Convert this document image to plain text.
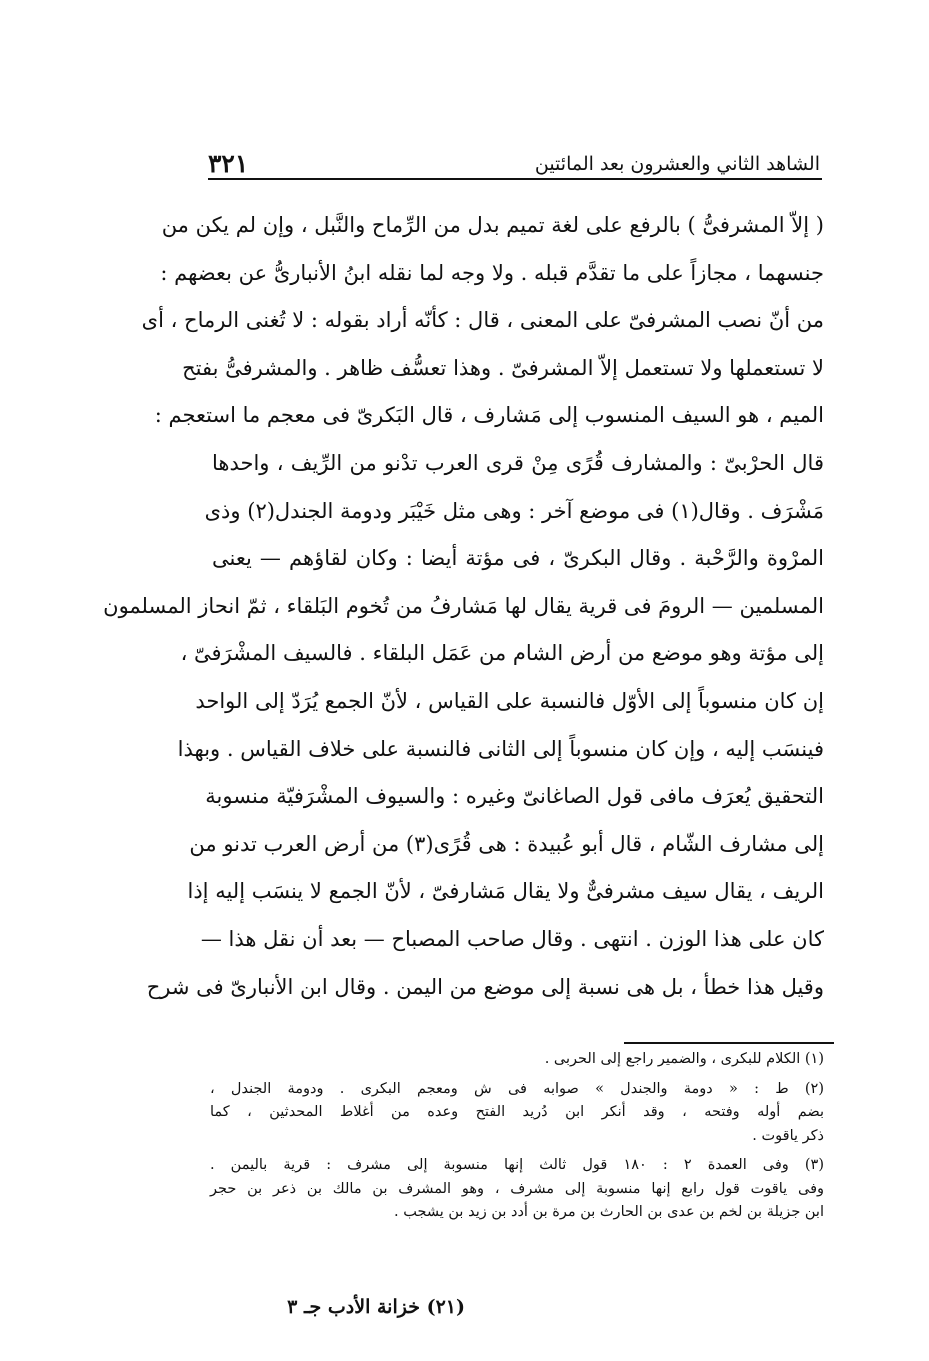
الشاهد الثاني والعشرون بعد المائتين
٣٢١
( إلاّ المشرفىُّ ) بالرفع على لغة تميم بدل من الرِّماح والنَّبل ، وإن لم يكن من
جنسهما ، مجازاً على ما تقدَّم قبله . ولا وجه لما نقله ابنُ الأنبارىُّ عن بعضهم :
من أنّ نصب المشرفىّ على المعنى ، قال : كأنّه أراد بقوله : لا تُغنى الرماح ، أى
لا تستعملها ولا تستعمل إلاّ المشرفىّ . وهذا تعسُّف ظاهر . والمشرفىُّ بفتح
الميم ، هو السيف المنسوب إلى مَشارف ، قال البَكرىّ فى معجم ما استعجم :
قال الحرْبىّ : والمشارف قُرًى مِنْ قرى العرب تدْنو من الرِّيف ، واحدها
مَشْرَف . وقال(١) فى موضع آخر : وهى مثل خَيْبَر ودومة الجندل(٢) وذى
المرْوة والرَّحْبة . وقال البكرىّ ، فى مؤتة أيضا : وكان لقاؤهم — يعنى
المسلمين — الرومَ فى قرية يقال لها مَشارفُ من تُخوم البَلقاء ، ثمّ انحاز المسلمون
إلى مؤتة وهو موضع من أرض الشام من عَمَل البلقاء . فالسيف المشْرَفىّ ،
إن كان منسوباً إلى الأوّل فالنسبة على القياس ، لأنّ الجمع يُرَدّ إلى الواحد
فينسَب إليه ، وإن كان منسوباً إلى الثانى فالنسبة على خلاف القياس . وبهذا
التحقيق يُعرَف مافى قول الصاغانىّ وغيره : والسيوف المشْرَفيّة منسوبة
إلى مشارف الشّام ، قال أبو عُبيدة : هى قُرًى(٣) من أرض العرب تدنو من
الريف ، يقال سيف مشرفىٌّ ولا يقال مَشارفىّ ، لأنّ الجمع لا ينسَب إليه إذا
كان على هذا الوزن . انتهى . وقال صاحب المصباح — بعد أن نقل هذا —
وقيل هذا خطأ ، بل هى نسبة إلى موضع من اليمن . وقال ابن الأنبارىّ فى شرح
(١) الكلام للبكرى ، والضمير راجع إلى الحربى .
(٢) ط : « دومة والجندل » صوابه فى ش ومعجم البكرى . ودومة الجندل ،
بضم أوله وفتحه ، وقد أنكر ابن دُريد الفتح وعده من أغلاط المحدثين ، كما
ذكر ياقوت .
(٣) وفى العمدة ٢ : ١٨٠ قول ثالث إنها منسوبة إلى مشرف : قرية باليمن .
وفى ياقوت قول رابع إنها منسوبة إلى مشرف ، وهو المشرف بن مالك بن ذعر بن حجر
ابن جزيلة بن لخم بن عدى بن الحارث بن مرة بن أدد بن زيد بن يشجب .
(٢١) خزانة الأدب جـ ٣
